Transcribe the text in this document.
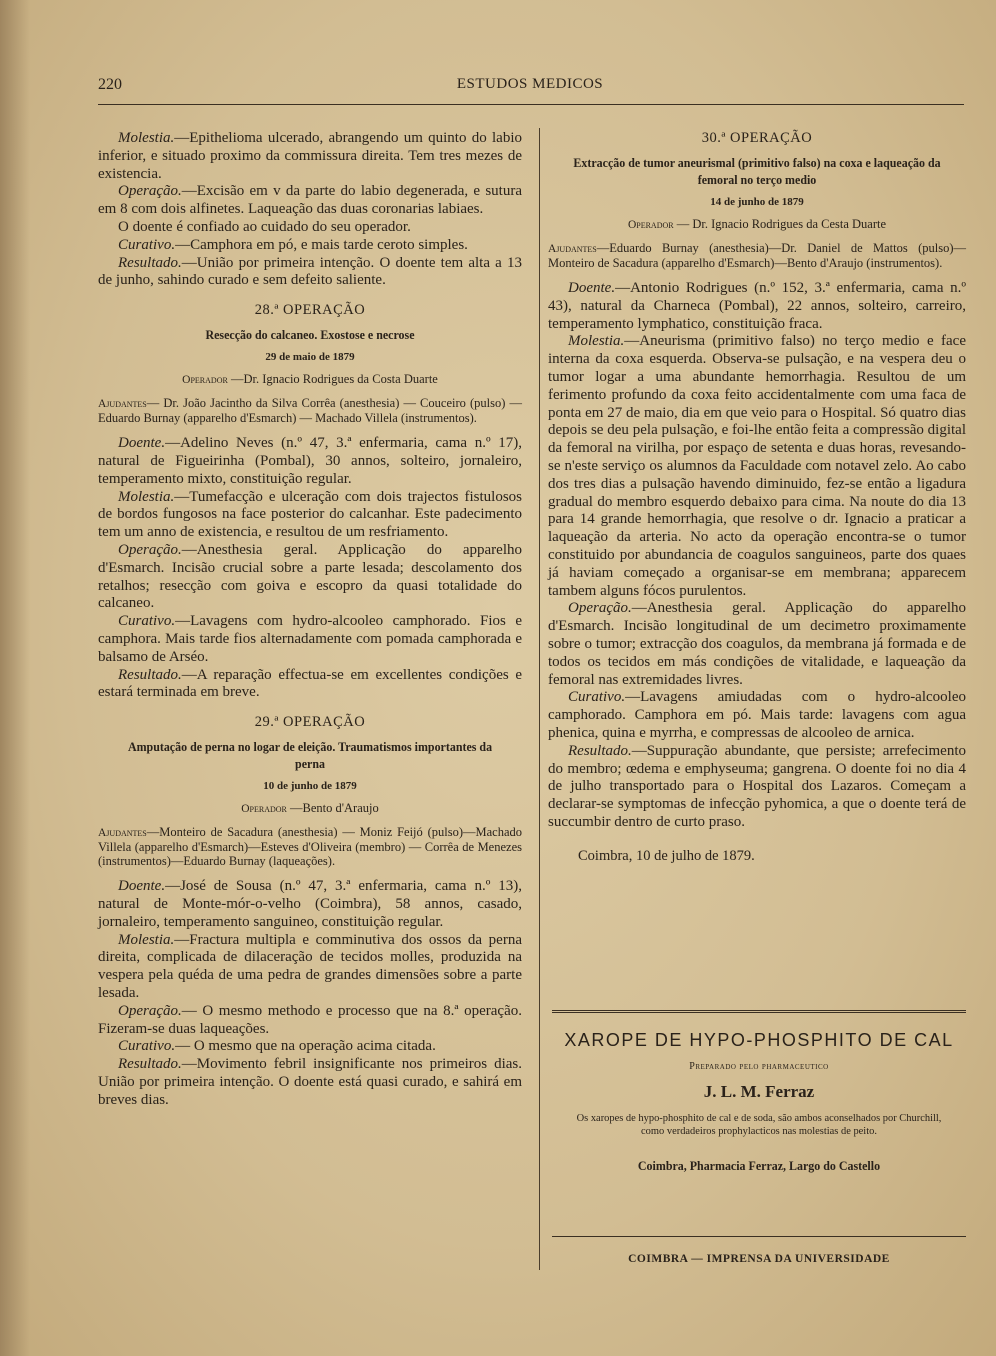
220	ESTUDOS MEDICOS

Molestia.—Epithelioma ulcerado, abrangendo um quinto do labio inferior, e situado proximo da commissura direita. Tem tres mezes de existencia.

Operação.—Excisão em v da parte do labio degenerada, e sutura em 8 com dois alfinetes. Laqueação das duas coronarias labiaes.

O doente é confiado ao cuidado do seu operador.

Curativo.—Camphora em pó, e mais tarde ceroto simples.

Resultado.—União por primeira intenção. O doente tem alta a 13 de junho, sahindo curado e sem defeito saliente.

28.ª OPERAÇÃO
Resecção do calcaneo. Exostose e necrose
29 de maio de 1879
Operador —Dr. Ignacio Rodrigues da Costa Duarte
Ajudantes— Dr. João Jacintho da Silva Corrêa (anesthesia) — Couceiro (pulso) — Eduardo Burnay (apparelho d'Esmarch) — Machado Villela (instrumentos).

Doente.—Adelino Neves (n.º 47, 3.ª enfermaria, cama n.º 17), natural de Figueirinha (Pombal), 30 annos, solteiro, jornaleiro, temperamento mixto, constituição regular.

Molestia.—Tumefacção e ulceração com dois trajectos fistulosos de bordos fungosos na face posterior do calcanhar. Este padecimento tem um anno de existencia, e resultou de um resfriamento.

Operação.—Anesthesia geral. Applicação do apparelho d'Esmarch. Incisão crucial sobre a parte lesada; descolamento dos retalhos; resecção com goiva e escopro da quasi totalidade do calcaneo.

Curativo.—Lavagens com hydro-alcooleo camphorado. Fios e camphora. Mais tarde fios alternadamente com pomada camphorada e balsamo de Arséo.

Resultado.—A reparação effectua-se em excellentes condições e estará terminada em breve.

29.ª OPERAÇÃO
Amputação de perna no logar de eleição. Traumatismos importantes da perna
10 de junho de 1879
Operador —Bento d'Araujo
Ajudantes—Monteiro de Sacadura (anesthesia) — Moniz Feijó (pulso)—Machado Villela (apparelho d'Esmarch)—Esteves d'Oliveira (membro) — Corrêa de Menezes (instrumentos)—Eduardo Burnay (laqueações).

Doente.—José de Sousa (n.º 47, 3.ª enfermaria, cama n.º 13), natural de Monte-mór-o-velho (Coimbra), 58 annos, casado, jornaleiro, temperamento sanguineo, constituição regular.

Molestia.—Fractura multipla e comminutiva dos ossos da perna direita, complicada de dilaceração de tecidos molles, produzida na vespera pela quéda de uma pedra de grandes dimensões sobre a parte lesada.

Operação.— O mesmo methodo e processo que na 8.ª operação. Fizeram-se duas laqueações.

Curativo.— O mesmo que na operação acima citada.

Resultado.—Movimento febril insignificante nos primeiros dias. União por primeira intenção. O doente está quasi curado, e sahirá em breves dias.

30.ª OPERAÇÃO
Extracção de tumor aneurismal (primitivo falso) na coxa e laqueação da femoral no terço medio
14 de junho de 1879
Operador — Dr. Ignacio Rodrigues da Cesta Duarte
Ajudantes—Eduardo Burnay (anesthesia)—Dr. Daniel de Mattos (pulso)—Monteiro de Sacadura (apparelho d'Esmarch)—Bento d'Araujo (instrumentos).

Doente.—Antonio Rodrigues (n.º 152, 3.ª enfermaria, cama n.º 43), natural da Charneca (Pombal), 22 annos, solteiro, carreiro, temperamento lymphatico, constituição fraca.

Molestia.—Aneurisma (primitivo falso) no terço medio e face interna da coxa esquerda. Observa-se pulsação, e na vespera deu o tumor logar a uma abundante hemorrhagia. Resultou de um ferimento profundo da coxa feito accidentalmente com uma faca de ponta em 27 de maio, dia em que veio para o Hospital. Só quatro dias depois se deu pela pulsação, e foi-lhe então feita a compressão digital da femoral na virilha, por espaço de setenta e duas horas, revesando-se n'este serviço os alumnos da Faculdade com notavel zelo. Ao cabo dos tres dias a pulsação havendo diminuido, fez-se então a ligadura gradual do membro esquerdo debaixo para cima. Na noute do dia 13 para 14 grande hemorrhagia, que resolve o dr. Ignacio a praticar a laqueação da arteria. No acto da operação encontra-se o tumor constituido por abundancia de coagulos sanguineos, parte dos quaes já haviam começado a organisar-se em membrana; apparecem tambem alguns fócos purulentos.

Operação.—Anesthesia geral. Applicação do apparelho d'Esmarch. Incisão longitudinal de um decimetro proximamente sobre o tumor; extracção dos coagulos, da membrana já formada e de todos os tecidos em más condições de vitalidade, e laqueação da femoral nas extremidades livres.

Curativo.—Lavagens amiudadas com o hydro-alcooleo camphorado. Camphora em pó. Mais tarde: lavagens com agua phenica, quina e myrrha, e compressas de alcooleo de arnica.

Resultado.—Suppuração abundante, que persiste; arrefecimento do membro; œdema e emphyseuma; gangrena. O doente foi no dia 4 de julho transportado para o Hospital dos Lazaros. Começam a declarar-se symptomas de infecção pyhomica, a que o doente terá de succumbir dentro de curto praso.

Coimbra, 10 de julho de 1879.
XAROPE DE HYPO-PHOSPHITO DE CAL
Preparado pelo pharmaceutico
J. L. M. Ferraz
Os xaropes de hypo-phosphito de cal e de soda, são ambos aconselhados por Churchill, como verdadeiros prophylacticos nas molestias de peito.
Coimbra, Pharmacia Ferraz, Largo do Castello
COIMBRA — IMPRENSA DA UNIVERSIDADE
